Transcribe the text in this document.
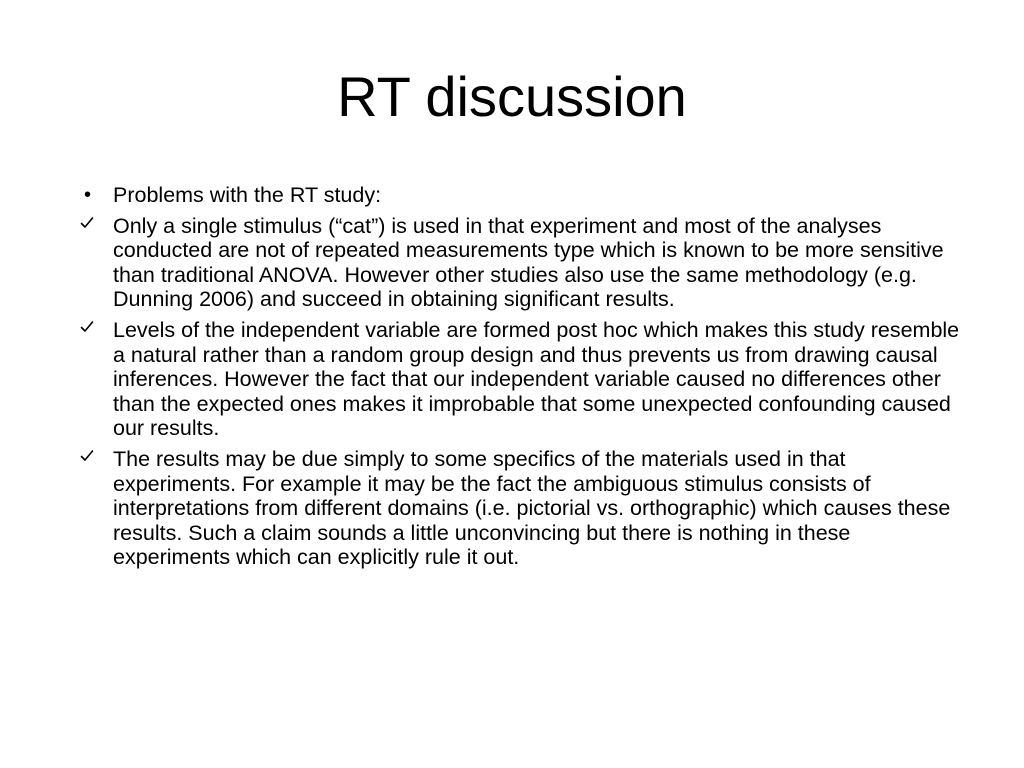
RT discussion
•	Problems with the RT study:
Only a single stimulus (“cat”) is used in that experiment and most of the analyses conducted are not of repeated measurements type which is known to be more sensitive than traditional ANOVA. However other studies also use the same methodology (e.g. Dunning 2006) and succeed in obtaining significant results.
Levels of the independent variable are formed post hoc which makes this study resemble a natural rather than a random group design and thus prevents us from drawing causal inferences. However the fact that our independent variable caused no differences other than the expected ones makes it improbable that some unexpected confounding caused our results.
The results may be due simply to some specifics of the materials used in that experiments. For example it may be the fact the ambiguous stimulus consists of interpretations from different domains (i.e. pictorial vs. orthographic) which causes these results. Such a claim sounds a little unconvincing but there is nothing in these experiments which can explicitly rule it out.
